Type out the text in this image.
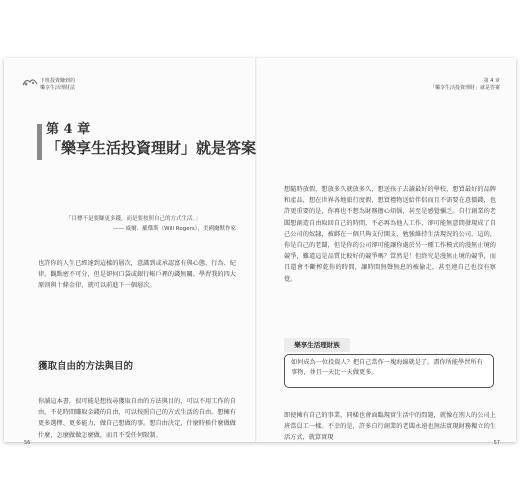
下班投資賺到的
樂享生活理財法
第 4 章
「樂享生活投資理財」就是答案
「目標不是要賺更多錢，而是要按照自己的方式生活。」
—— 威爾．羅傑斯（Will Rogers），美國幽默作家
也許你的人生已經達到這樣的層次，意識到或承認富有與心態、行為、紀律、觀點密不可分，但是卻何口袋或銀行帳戶裡的錢無關。學習我的四大原則與十條金律，就可以前進下一個層次。
獲取自由的方法與目的
你讀這本書，很可能是想找尋獲取自由的方法與目的，可以不用工作的自由，不花時間賺取金錢的自由，可以按照自己的方式生活的自由。想擁有更多選擇、更多能力，做自己想做的事。想自由決定，什麼時候什麼做做什麼，怎麼做做怎麼做，而且不受任何限制。
56
第 4 章
「樂享生活投資理財」就是答案
想隨時放假，想放多久就放多久，想送孩子去讀最好的學校，想買最好的品牌和產品，想在世界各地旅行度假，想買禮物送給伴侶而且不需要在意價錢，也許更重要的是，你再也不想為財務擔心煩惱，甚至是感覺彌乏。自行創業的老闆想創造自由取回自己的時間，不必再為他人工作，卻可能無意間發現成了自己公司的奴隸，被綁在一個只夠支付開支、勉強維持生活現況的公司，這的，你是自己的老闆，但是你的公司卻可能讓你處於另一種工作模式的漫無止境的競爭，難道這是品質比較好的競爭嗎？當然是！但終究是漫無止境的競爭，而且還會不斷榨乾你的時間，讓時間無聲無息的被偷走，甚至連自己也沒有察覺。
樂享生活理財族
如何成為一位投資人？把自己當作一塊海綿就是了。盡你所能學習所有事物，並且一天比一天做更多。
即使擁有自己的事業，同樣也會面臨現實生活中的問題，就像在別人的公司上班當員工一樣。不幸的是，許多自行創業的老闆永遠也無法實現財務獨立的生活方式，就算實現
57
